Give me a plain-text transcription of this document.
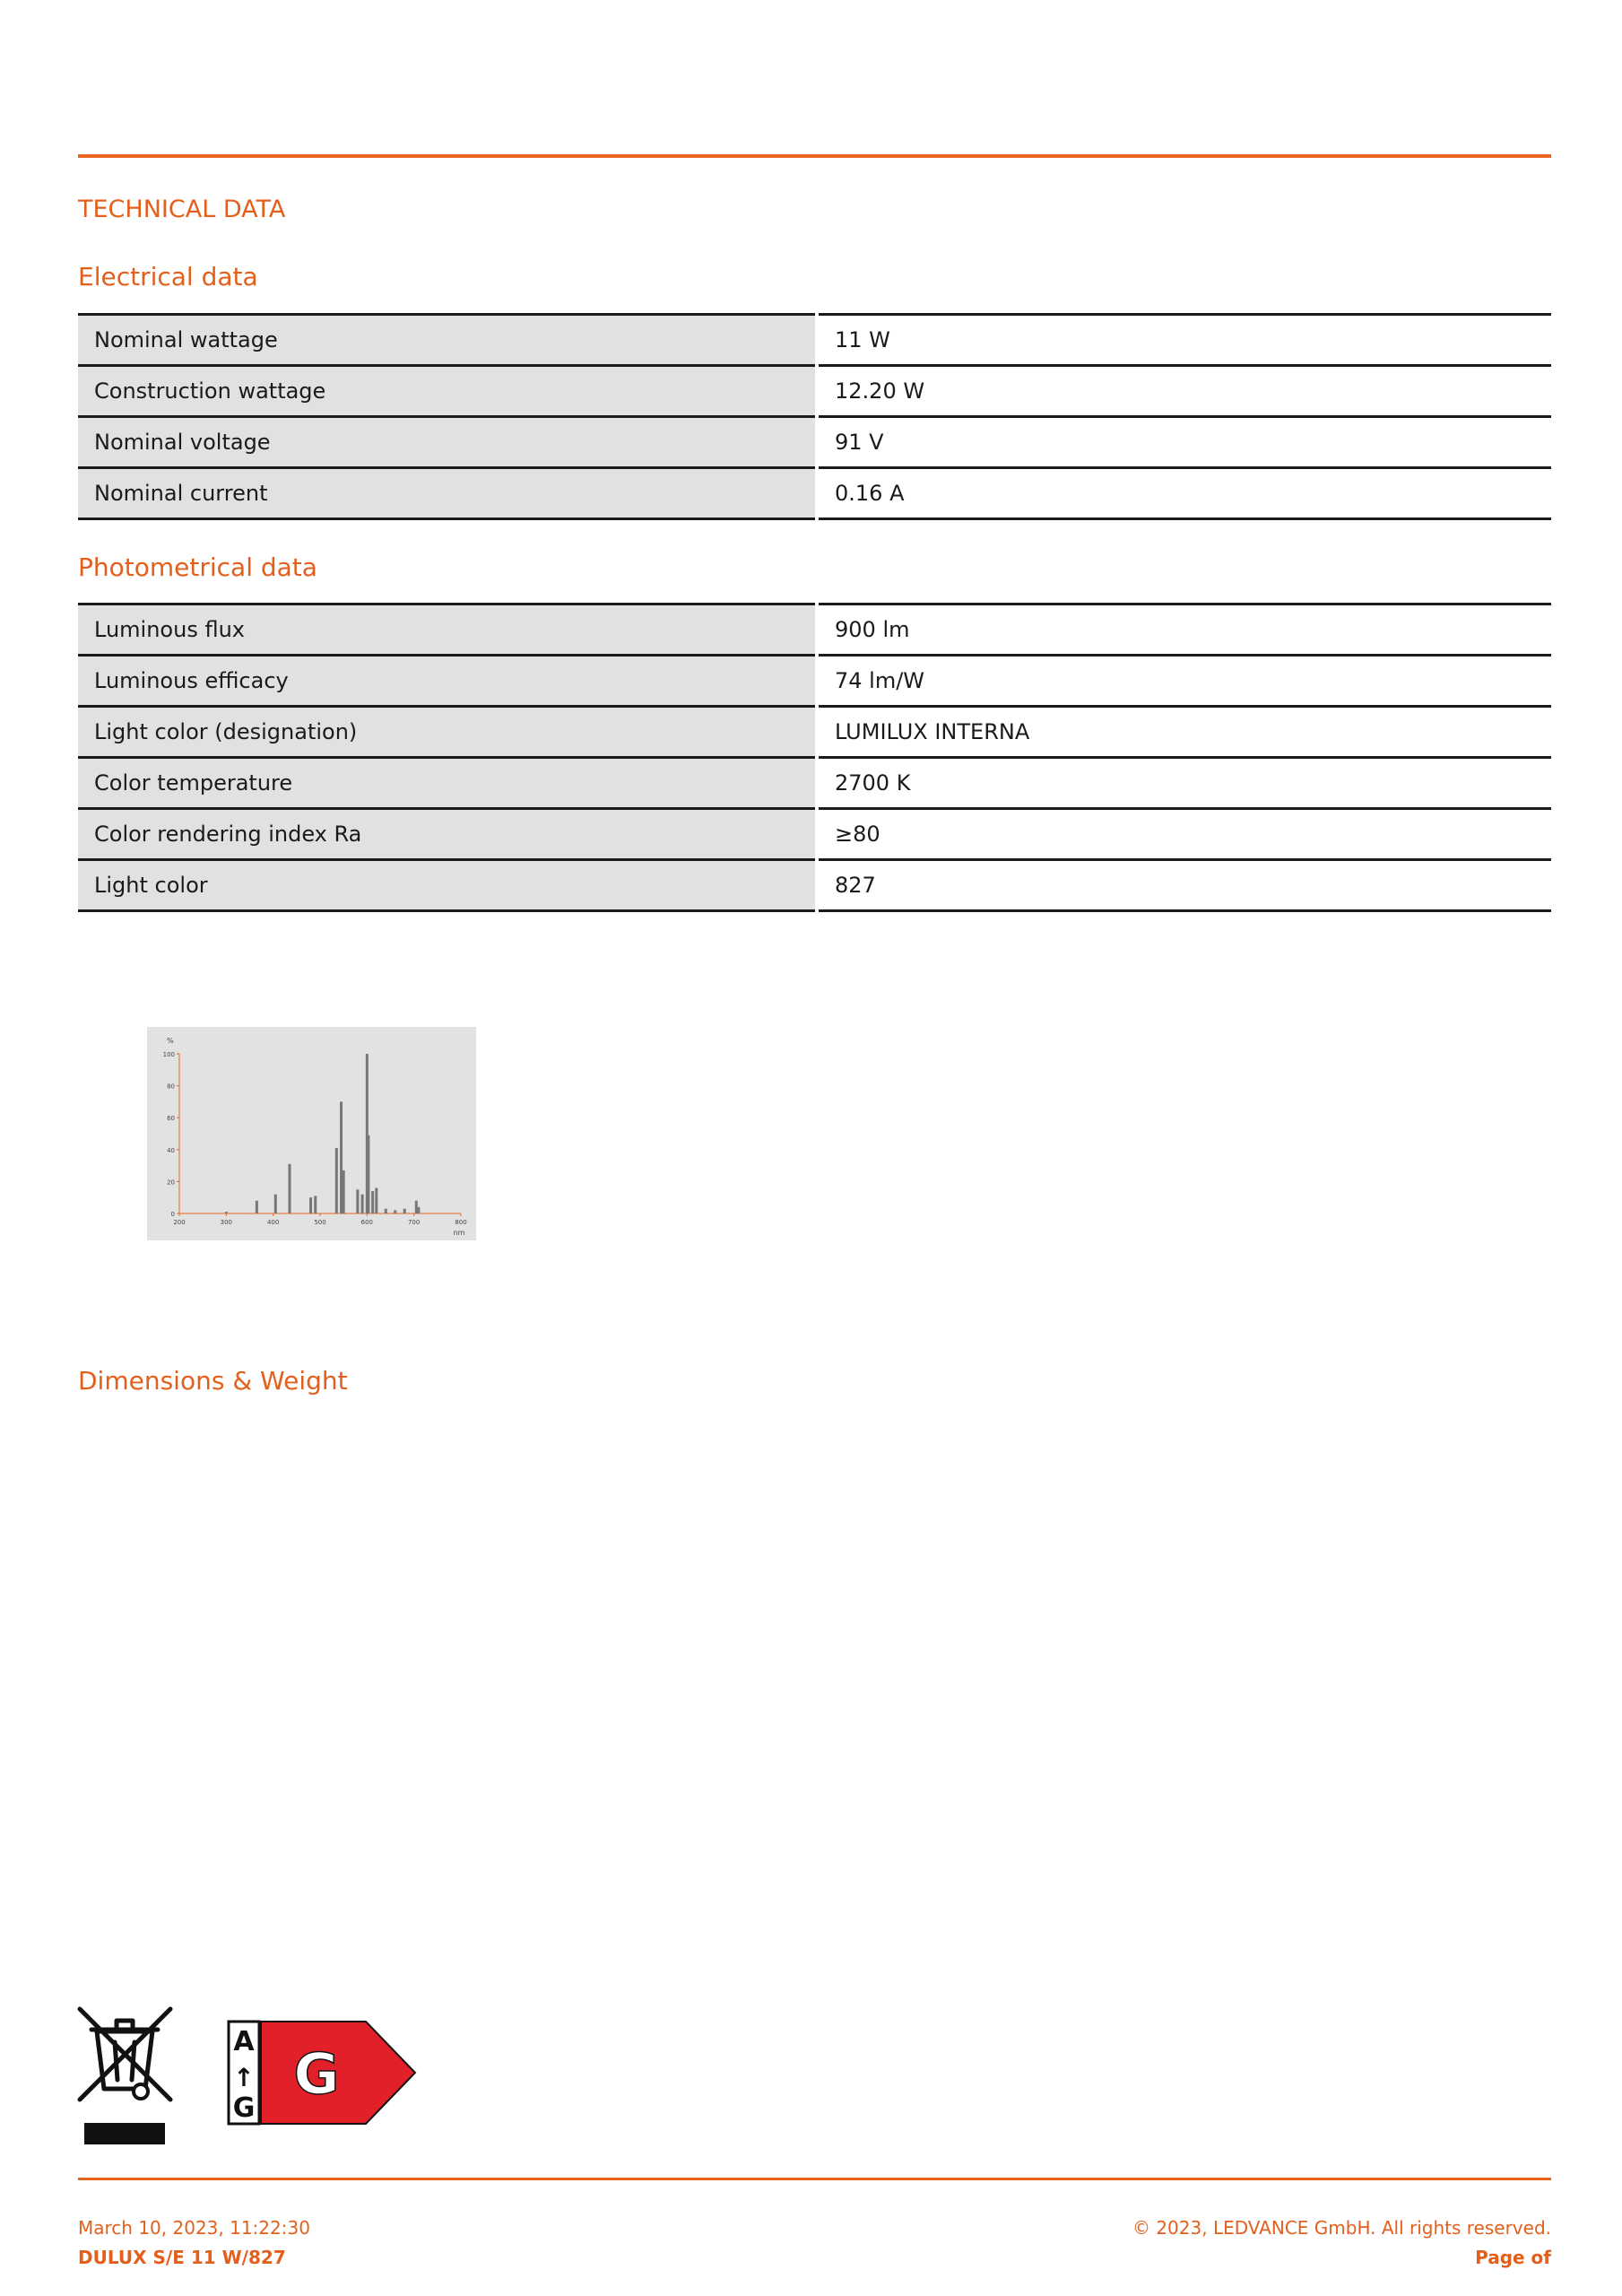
TECHNICAL DATA
Electrical data
Nominal wattage	11 W
Construction wattage	12.20 W
Nominal voltage	91 V
Nominal current	0.16 A
Photometrical data
Luminous flux	900 lm
Luminous efficacy	74 lm/W
Light color (designation)	LUMILUX INTERNA
Color temperature	2700 K
Color rendering index Ra	≥80
Light color	827
%
nm
0
20
40
60
80
100
200	300	400	500	600	700	800
Dimensions & Weight
A
↑
G
G
March 10, 2023, 11:22:30
DULUX S/E 11 W/827
© 2023, LEDVANCE GmbH. All rights reserved.
Page of
